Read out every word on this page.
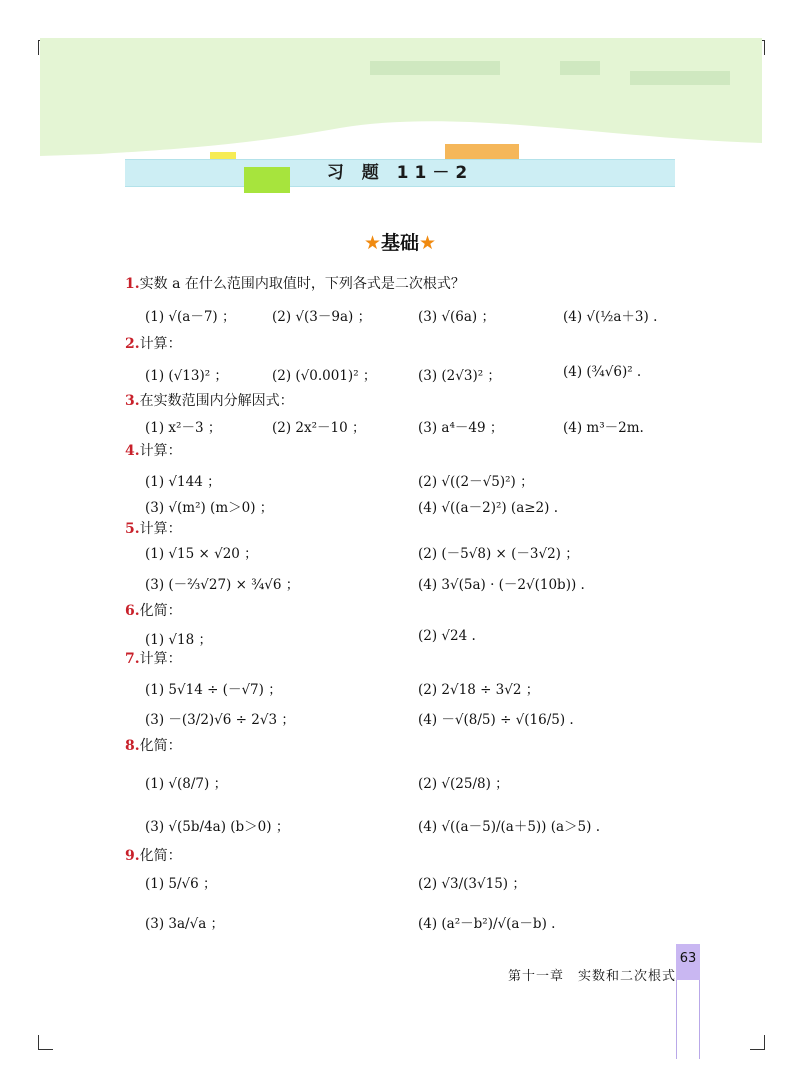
习 题 11－2
★基础★
1.实数 a 在什么范围内取值时，下列各式是二次根式？
(1) √(a－7) ；	(2) √(3－9a) ；	(3) √(6a) ；	(4) √(½a＋3) .
2.计算：
(1) (√13)² ；	(2) (√0.001)² ；	(3) (2√3)² ；	(4) (¾√6)² .
3.在实数范围内分解因式：
(1) x²－3 ；	(2) 2x²－10 ；	(3) a⁴－49 ；	(4) m³－2m.
4.计算：
(1) √144 ；	(2) √((2－√5)²) ；
(3) √(m²) (m＞0) ；	(4) √((a－2)²) (a≥2) .
5.计算：
(1) √15 × √20 ；	(2) (－5√8) × (－3√2) ；
(3) (－⅔√27) × ¾√6 ；	(4) 3√(5a) · (－2√(10b)) .
6.化简：
(1) √18 ；	(2) √24 .
7.计算：
(1) 5√14 ÷ (－√7) ；	(2) 2√18 ÷ 3√2 ；
(3) －(3/2)√6 ÷ 2√3 ；	(4) －√(8/5) ÷ √(16/5) .
8.化简：
(1) √(8/7) ；	(2) √(25/8) ；
(3) √(5b/4a) (b＞0) ；	(4) √((a－5)/(a＋5)) (a＞5) .
9.化简：
(1) 5/√6 ；	(2) √3/(3√15) ；
(3) 3a/√a ；	(4) (a²－b²)/√(a－b) .
第十一章　实数和二次根式
63
